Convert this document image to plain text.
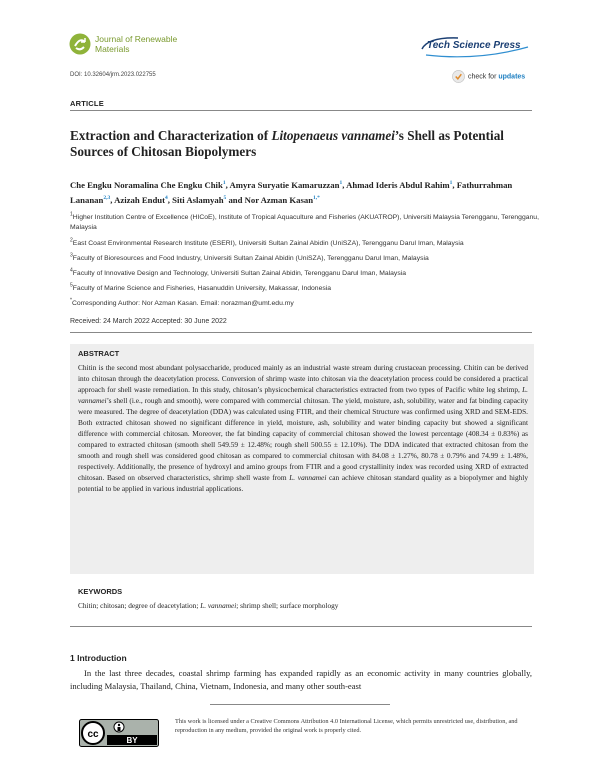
Journal of Renewable
Materials	Tech Science Press
DOI: 10.32604/jrm.2023.022755	check for updates
ARTICLE
Extraction and Characterization of Litopenaeus vannamei’s Shell as Potential Sources of Chitosan Biopolymers
Che Engku Noramalina Che Engku Chik$^1$, Amyra Suryatie Kamaruzzan$^1$, Ahmad Ideris Abdul Rahim$^1$, Fathurrahman Lananan$^{2,3}$, Azizah Endut$^4$, Siti Aslamyah$^5$ and Nor Azman Kasan$^{1,*}$
$^1$Higher Institution Centre of Excellence (HICoE), Institute of Tropical Aquaculture and Fisheries (AKUATROP), Universiti Malaysia Terengganu, Terengganu, Malaysia
$^2$East Coast Environmental Research Institute (ESERI), Universiti Sultan Zainal Abidin (UniSZA), Terengganu Darul Iman, Malaysia
$^3$Faculty of Bioresources and Food Industry, Universiti Sultan Zainal Abidin (UniSZA), Terengganu Darul Iman, Malaysia
$^4$Faculty of Innovative Design and Technology, Universiti Sultan Zainal Abidin, Terengganu Darul Iman, Malaysia
$^5$Faculty of Marine Science and Fisheries, Hasanuddin University, Makassar, Indonesia
*Corresponding Author: Nor Azman Kasan. Email: norazman@umt.edu.my
Received: 24 March 2022 Accepted: 30 June 2022
ABSTRACT
Chitin is the second most abundant polysaccharide, produced mainly as an industrial waste stream during crustacean processing. Chitin can be derived into chitosan through the deacetylation process. Conversion of shrimp waste into chitosan via the deacetylation process could be considered a practical approach for shell waste remediation. In this study, chitosan’s physicochemical characteristics extracted from two types of Pacific white leg shrimp, L. vannamei’s shell (i.e., rough and smooth), were compared with commercial chitosan. The yield, moisture, ash, solubility, water and fat binding capacity were measured. The degree of deacetylation (DDA) was calculated using FTIR, and their chemical Structure was confirmed using XRD and SEM-EDS. Both extracted chitosan showed no significant difference in yield, moisture, ash, solubility and water binding capacity but showed a significant difference with commercial chitosan. Moreover, the fat binding capacity of commercial chitosan showed the lowest percentage (408.34 ± 0.83%) as compared to extracted chitosan (smooth shell 549.59 ± 12.48%; rough shell 500.55 ± 12.10%). The DDA indicated that extracted chitosan from the smooth and rough shell was considered good chitosan as compared to commercial chitosan with 84.08 ± 1.27%, 80.78 ± 0.79% and 74.99 ± 1.48%, respectively. Additionally, the presence of hydroxyl and amino groups from FTIR and a good crystallinity index was recorded using XRD of extracted chitosan. Based on observed characteristics, shrimp shell waste from L. vannamei can achieve chitosan standard quality as a biopolymer and highly potential to be applied in various industrial applications.
KEYWORDS
Chitin; chitosan; degree of deacetylation; L. vannamei; shrimp shell; surface morphology
1 Introduction
In the last three decades, coastal shrimp farming has expanded rapidly as an economic activity in many countries globally, including Malaysia, Thailand, China, Vietnam, Indonesia, and many other south-east
cc
BY
This work is licensed under a Creative Commons Attribution 4.0 International License, which permits unrestricted use, distribution, and reproduction in any medium, provided the original work is properly cited.
